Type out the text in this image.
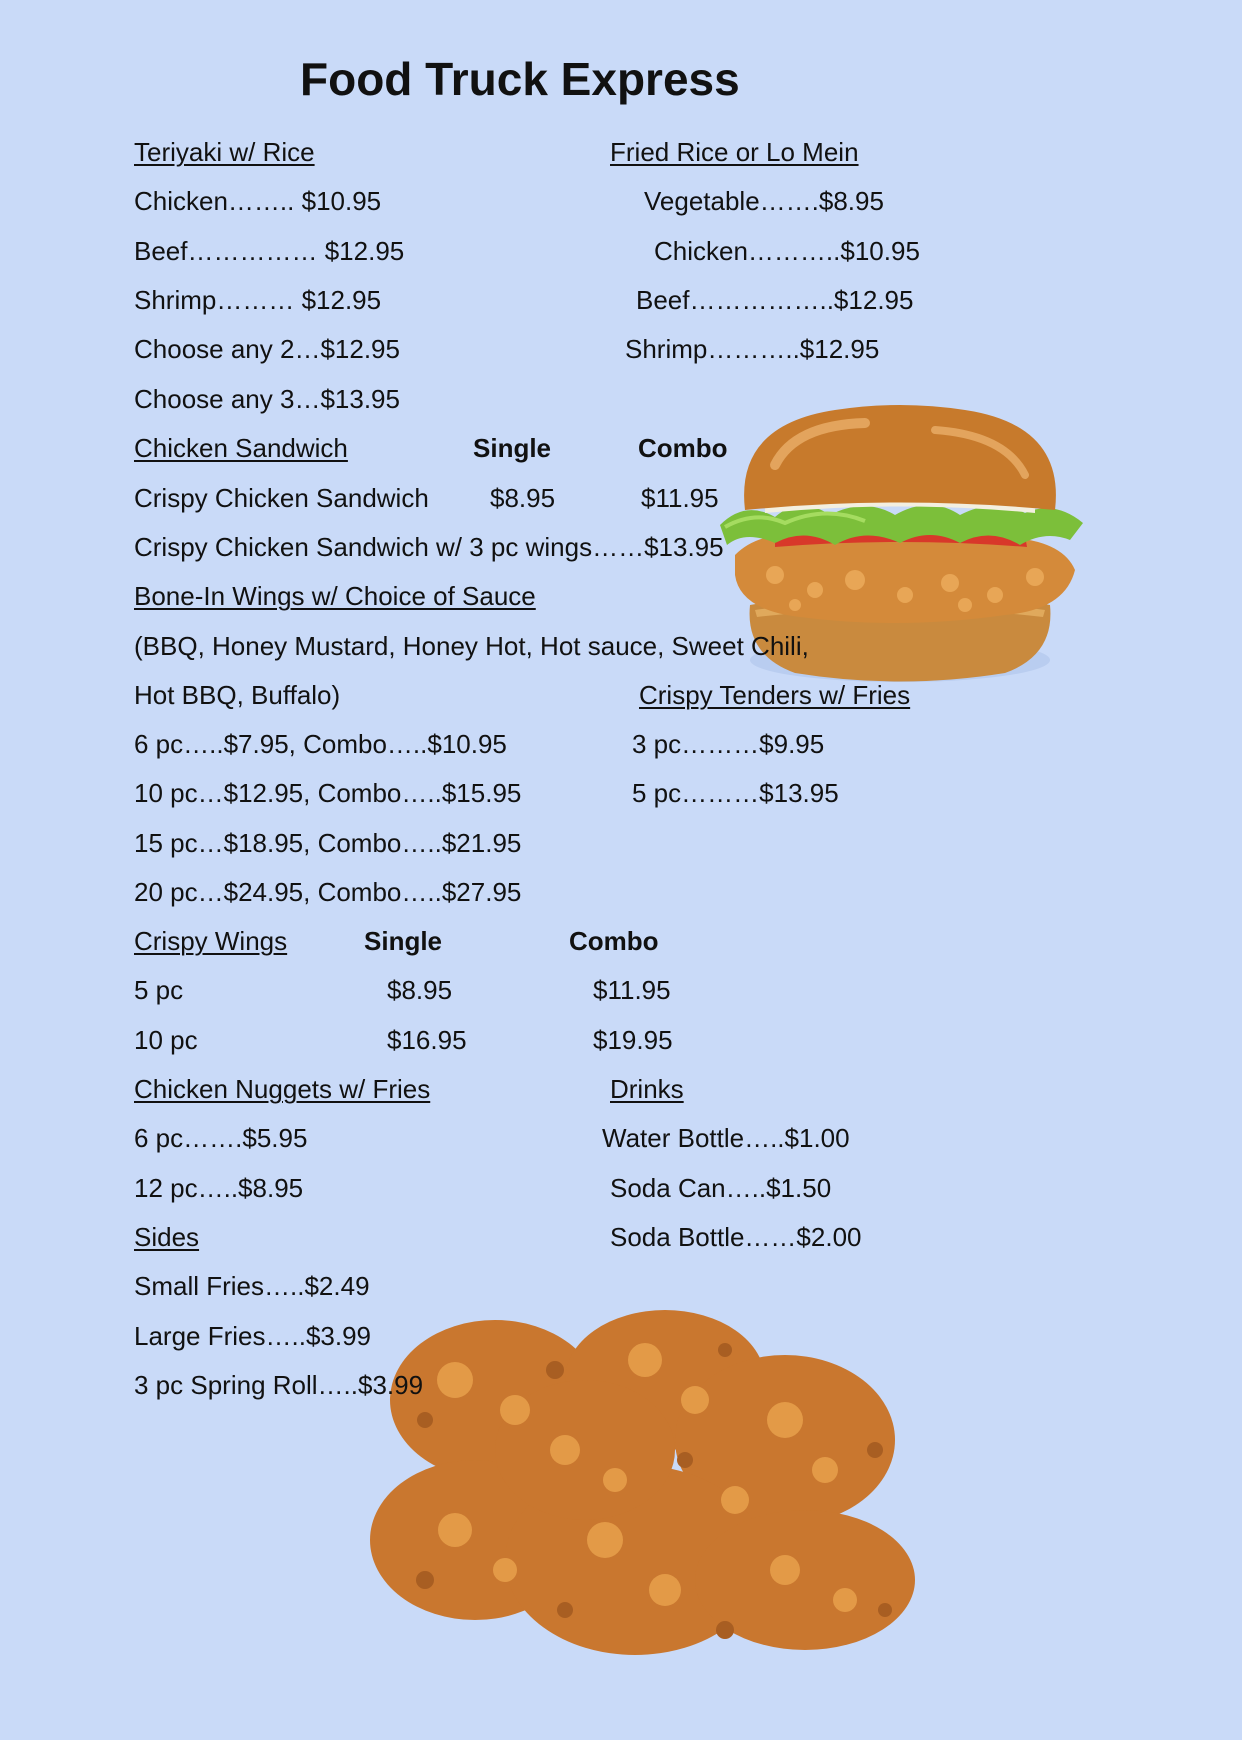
Food Truck Express
Teriyaki w/ Rice
Chicken…….. $10.95
Beef…………… $12.95
Shrimp……… $12.95
Choose any 2…$12.95
Choose any 3…$13.95
Fried Rice or Lo Mein
Vegetable…….$8.95
Chicken………..$10.95
Beef……………..$12.95
Shrimp………..$12.95
Chicken Sandwich	Single	Combo
Crispy Chicken Sandwich $8.95	$11.95
Crispy Chicken Sandwich w/ 3 pc wings……$13.95
Bone-In Wings w/ Choice of Sauce
(BBQ, Honey Mustard, Honey Hot, Hot sauce, Sweet Chili,
Hot BBQ, Buffalo)
6 pc…..$7.95, Combo…..$10.95
10 pc…$12.95, Combo…..$15.95
15 pc…$18.95, Combo…..$21.95
20 pc…$24.95, Combo…..$27.95
Crispy Tenders w/ Fries
3 pc………$9.95
5 pc………$13.95
Crispy Wings	Single	Combo
5 pc	$8.95	$11.95
10 pc	$16.95	$19.95
Chicken Nuggets w/ Fries
6 pc…….$5.95
12 pc…..$8.95
Drinks
Water Bottle…..$1.00
Soda Can…..$1.50
Soda Bottle……$2.00
Sides
Small Fries…..$2.49
Large Fries…..$3.99
3 pc Spring Roll…..$3.99
